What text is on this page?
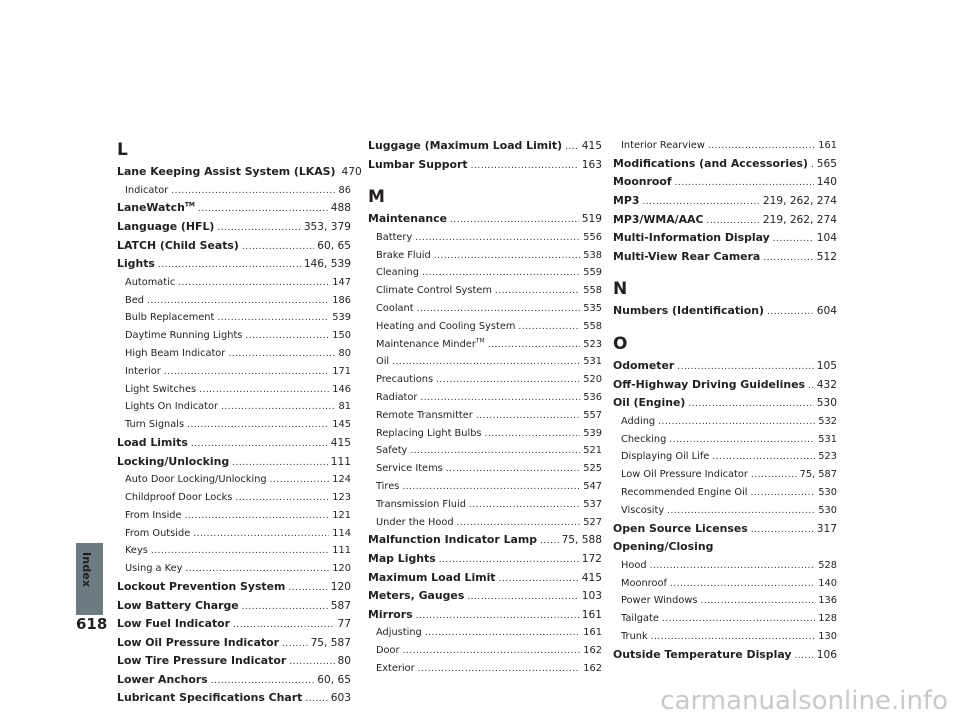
Index
618
L
Lane Keeping Assist System (LKAS) 470
Indicator .....	86
LaneWatch™ .....	488
Language (HFL) .....	353, 379
LATCH (Child Seats) .....	60, 65
Lights .....	146, 539
Automatic .....	147
Bed .....	186
Bulb Replacement .....	539
Daytime Running Lights .....	150
High Beam Indicator .....	80
Interior .....	171
Light Switches .....	146
Lights On Indicator .....	81
Turn Signals .....	145
Load Limits .....	415
Locking/Unlocking .....	111
Auto Door Locking/Unlocking .....	124
Childproof Door Locks .....	123
From Inside .....	121
From Outside .....	114
Keys .....	111
Using a Key .....	120
Lockout Prevention System .....	120
Low Battery Charge .....	587
Low Fuel Indicator .....	77
Low Oil Pressure Indicator .....	75, 587
Low Tire Pressure Indicator .....	80
Lower Anchors .....	60, 65
Lubricant Specifications Chart .....	603
Luggage (Maximum Load Limit) ..... 415
Lumbar Support .....	163
M
Maintenance .....	519
Battery .....	556
Brake Fluid .....	538
Cleaning .....	559
Climate Control System .....	558
Coolant .....	535
Heating and Cooling System .....	558
Maintenance Minder™ .....	523
Oil .....	531
Precautions .....	520
Radiator .....	536
Remote Transmitter .....	557
Replacing Light Bulbs .....	539
Safety .....	521
Service Items .....	525
Tires .....	547
Transmission Fluid .....	537
Under the Hood .....	527
Malfunction Indicator Lamp ..... 75, 588
Map Lights .....	172
Maximum Load Limit .....	415
Meters, Gauges .....	103
Mirrors .....	161
Adjusting .....	161
Door .....	162
Exterior .....	162
Interior Rearview .....	161
Modifications (and Accessories) ..... 565
Moonroof .....	140
MP3 .....	219, 262, 274
MP3/WMA/AAC .....	219, 262, 274
Multi-Information Display .....	104
Multi-View Rear Camera .....	512
N
Numbers (Identification) .....	604
O
Odometer .....	105
Off-Highway Driving Guidelines ..... 432
Oil (Engine) .....	530
Adding .....	532
Checking .....	531
Displaying Oil Life .....	523
Low Oil Pressure Indicator .....	75, 587
Recommended Engine Oil .....	530
Viscosity .....	530
Open Source Licenses .....	317
Opening/Closing
Hood .....	528
Moonroof .....	140
Power Windows .....	136
Tailgate .....	128
Trunk .....	130
Outside Temperature Display ..... 106
carmanualsonline.info
